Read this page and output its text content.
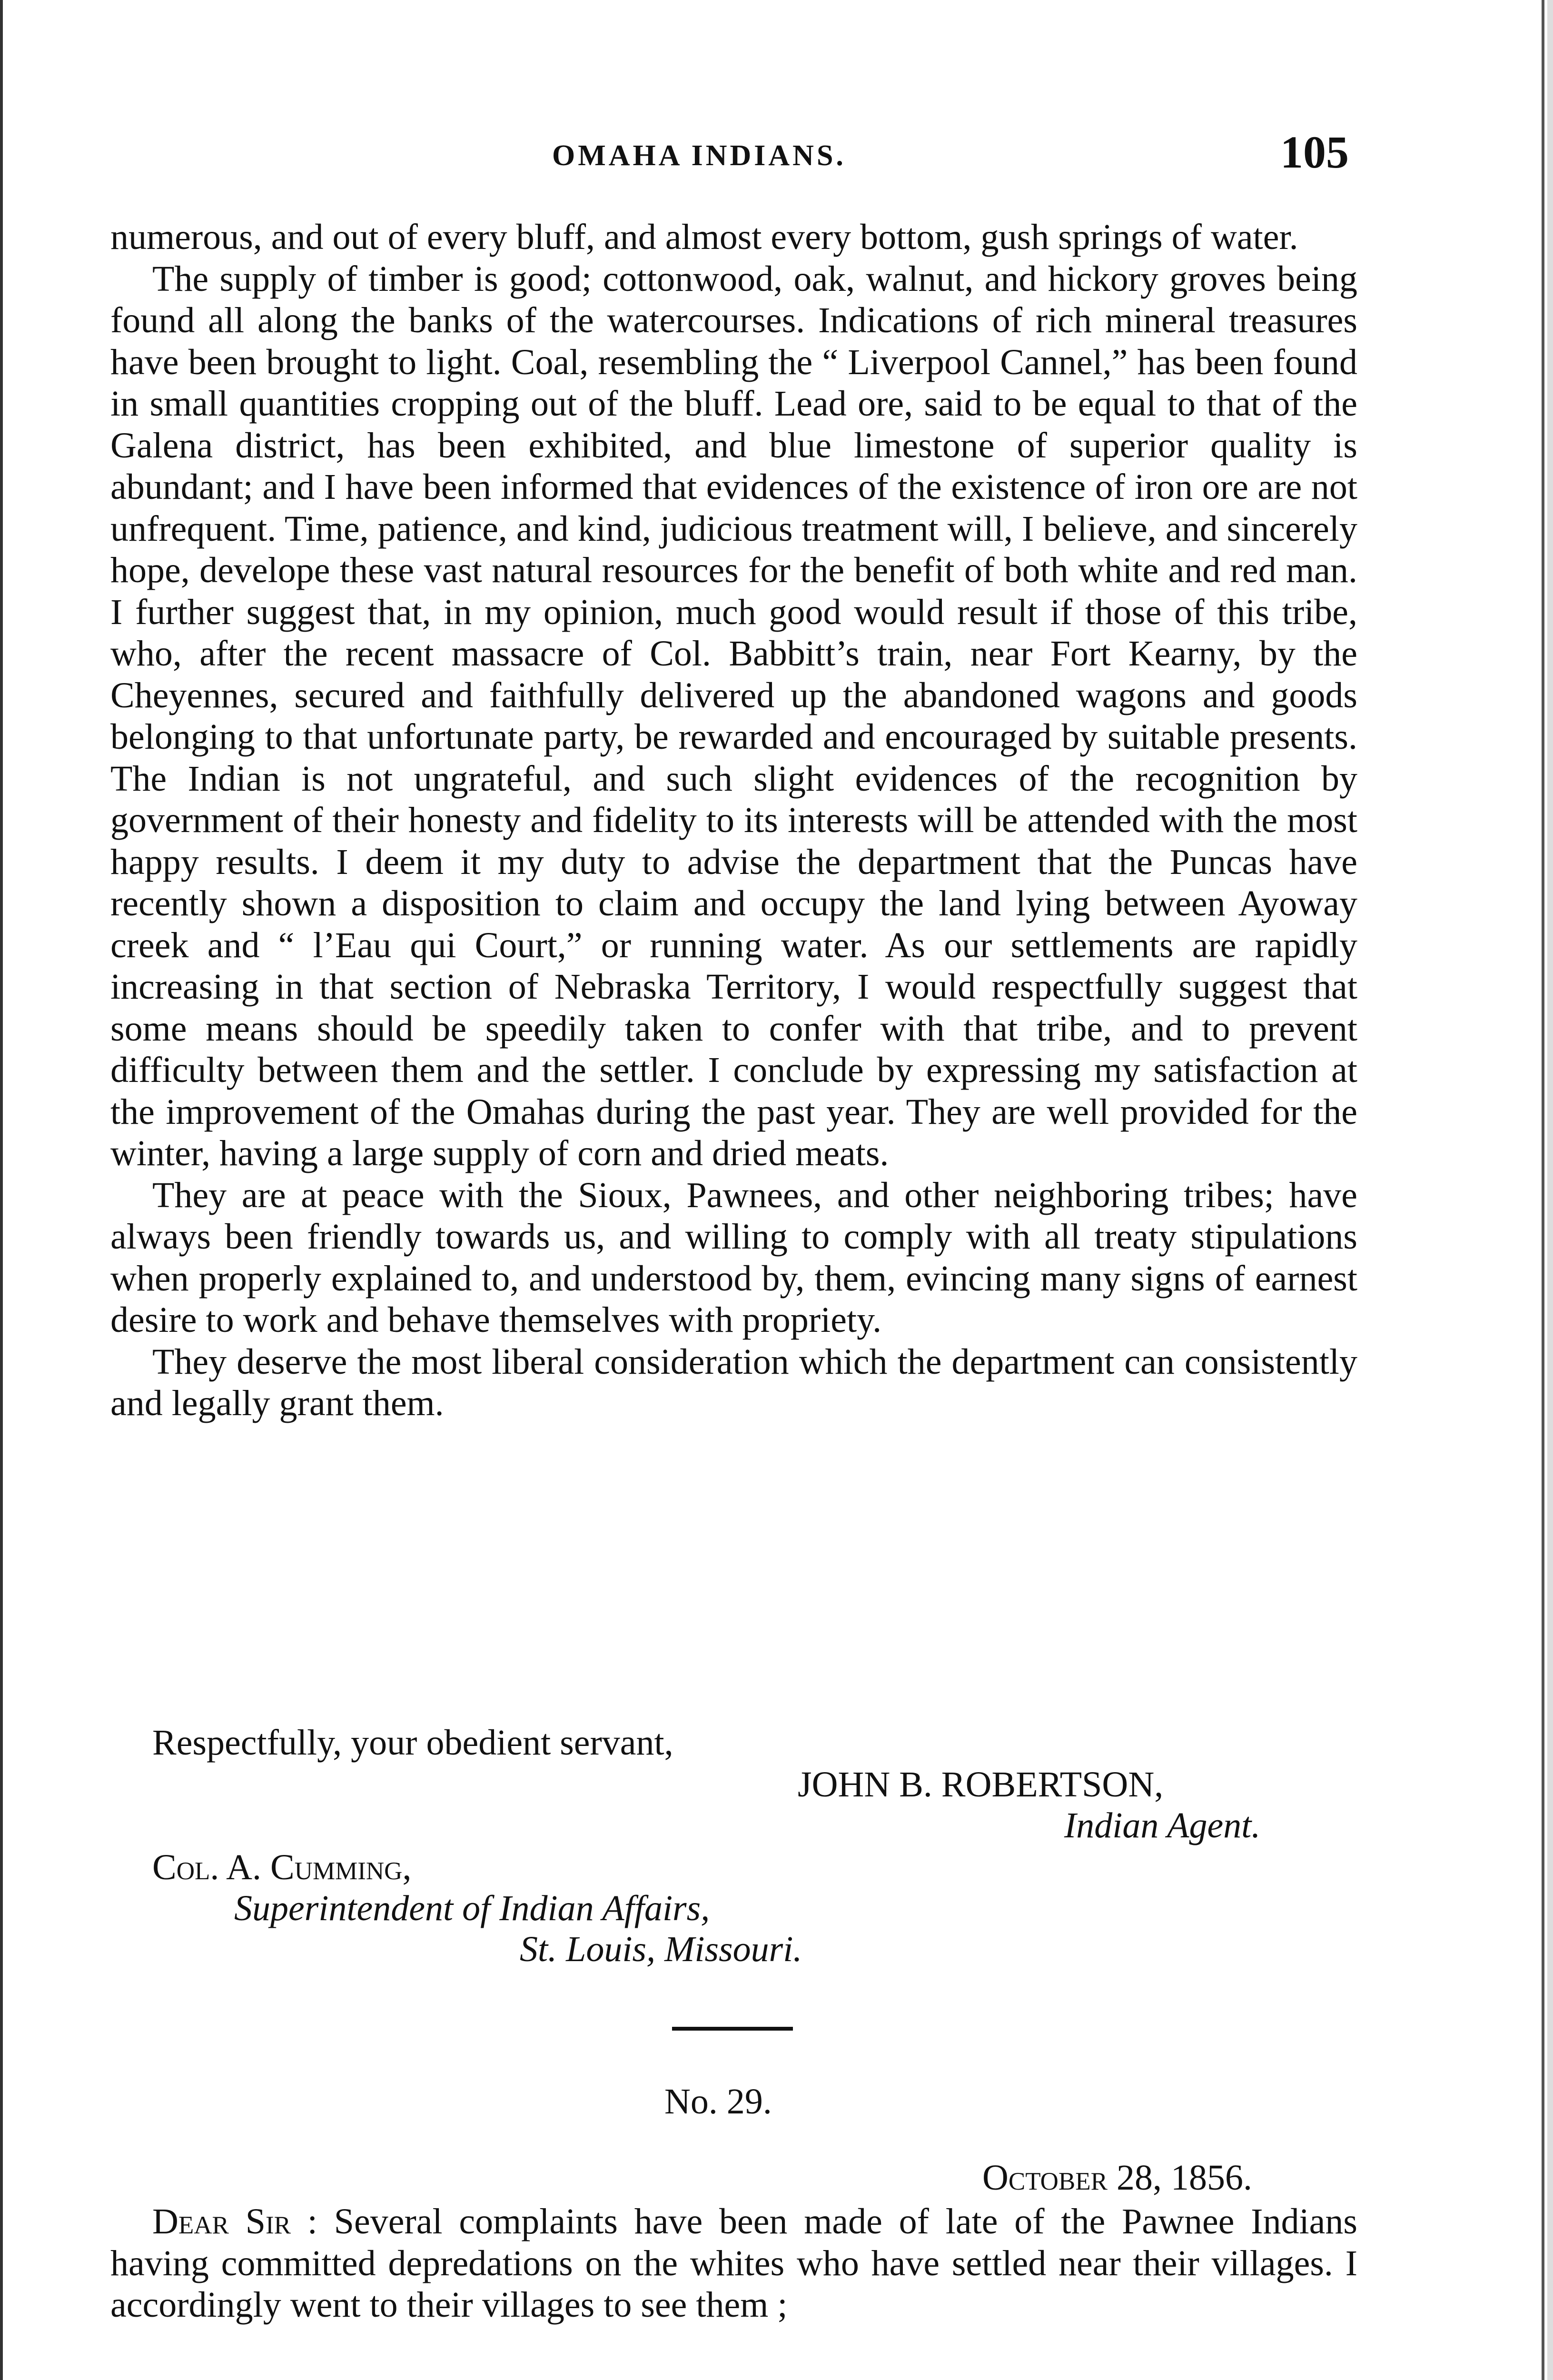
OMAHA INDIANS.	105

numerous, and out of every bluff, and almost every bottom, gush springs of water.

The supply of timber is good; cottonwood, oak, walnut, and hickory groves being found all along the banks of the watercourses. Indications of rich mineral treasures have been brought to light. Coal, resembling the “ Liverpool Cannel,” has been found in small quantities cropping out of the bluff. Lead ore, said to be equal to that of the Galena district, has been exhibited, and blue limestone of superior quality is abundant; and I have been informed that evidences of the existence of iron ore are not unfrequent. Time, patience, and kind, judicious treatment will, I believe, and sincerely hope, develope these vast natural resources for the benefit of both white and red man. I further suggest that, in my opinion, much good would result if those of this tribe, who, after the recent massacre of Col. Babbitt’s train, near Fort Kearny, by the Cheyennes, secured and faithfully delivered up the abandoned wagons and goods belonging to that unfortunate party, be rewarded and encouraged by suitable presents. The Indian is not ungrateful, and such slight evidences of the recognition by government of their honesty and fidelity to its interests will be attended with the most happy results. I deem it my duty to advise the department that the Puncas have recently shown a disposition to claim and occupy the land lying between Ayoway creek and “ l’Eau qui Court,” or running water. As our settlements are rapidly increasing in that section of Nebraska Territory, I would respectfully suggest that some means should be speedily taken to confer with that tribe, and to prevent difficulty between them and the settler. I conclude by expressing my satisfaction at the improvement of the Omahas during the past year. They are well provided for the winter, having a large supply of corn and dried meats.

They are at peace with the Sioux, Pawnees, and other neighboring tribes; have always been friendly towards us, and willing to comply with all treaty stipulations when properly explained to, and understood by, them, evincing many signs of earnest desire to work and behave themselves with propriety.

They deserve the most liberal consideration which the department can consistently and legally grant them.

Respectfully, your obedient servant,
JOHN B. ROBERTSON,
Indian Agent.
Col. A. Cumming,
Superintendent of Indian Affairs,
St. Louis, Missouri.
No. 29.
October 28, 1856.

Dear Sir : Several complaints have been made of late of the Pawnee Indians having committed depredations on the whites who have settled near their villages. I accordingly went to their villages to see them ;
